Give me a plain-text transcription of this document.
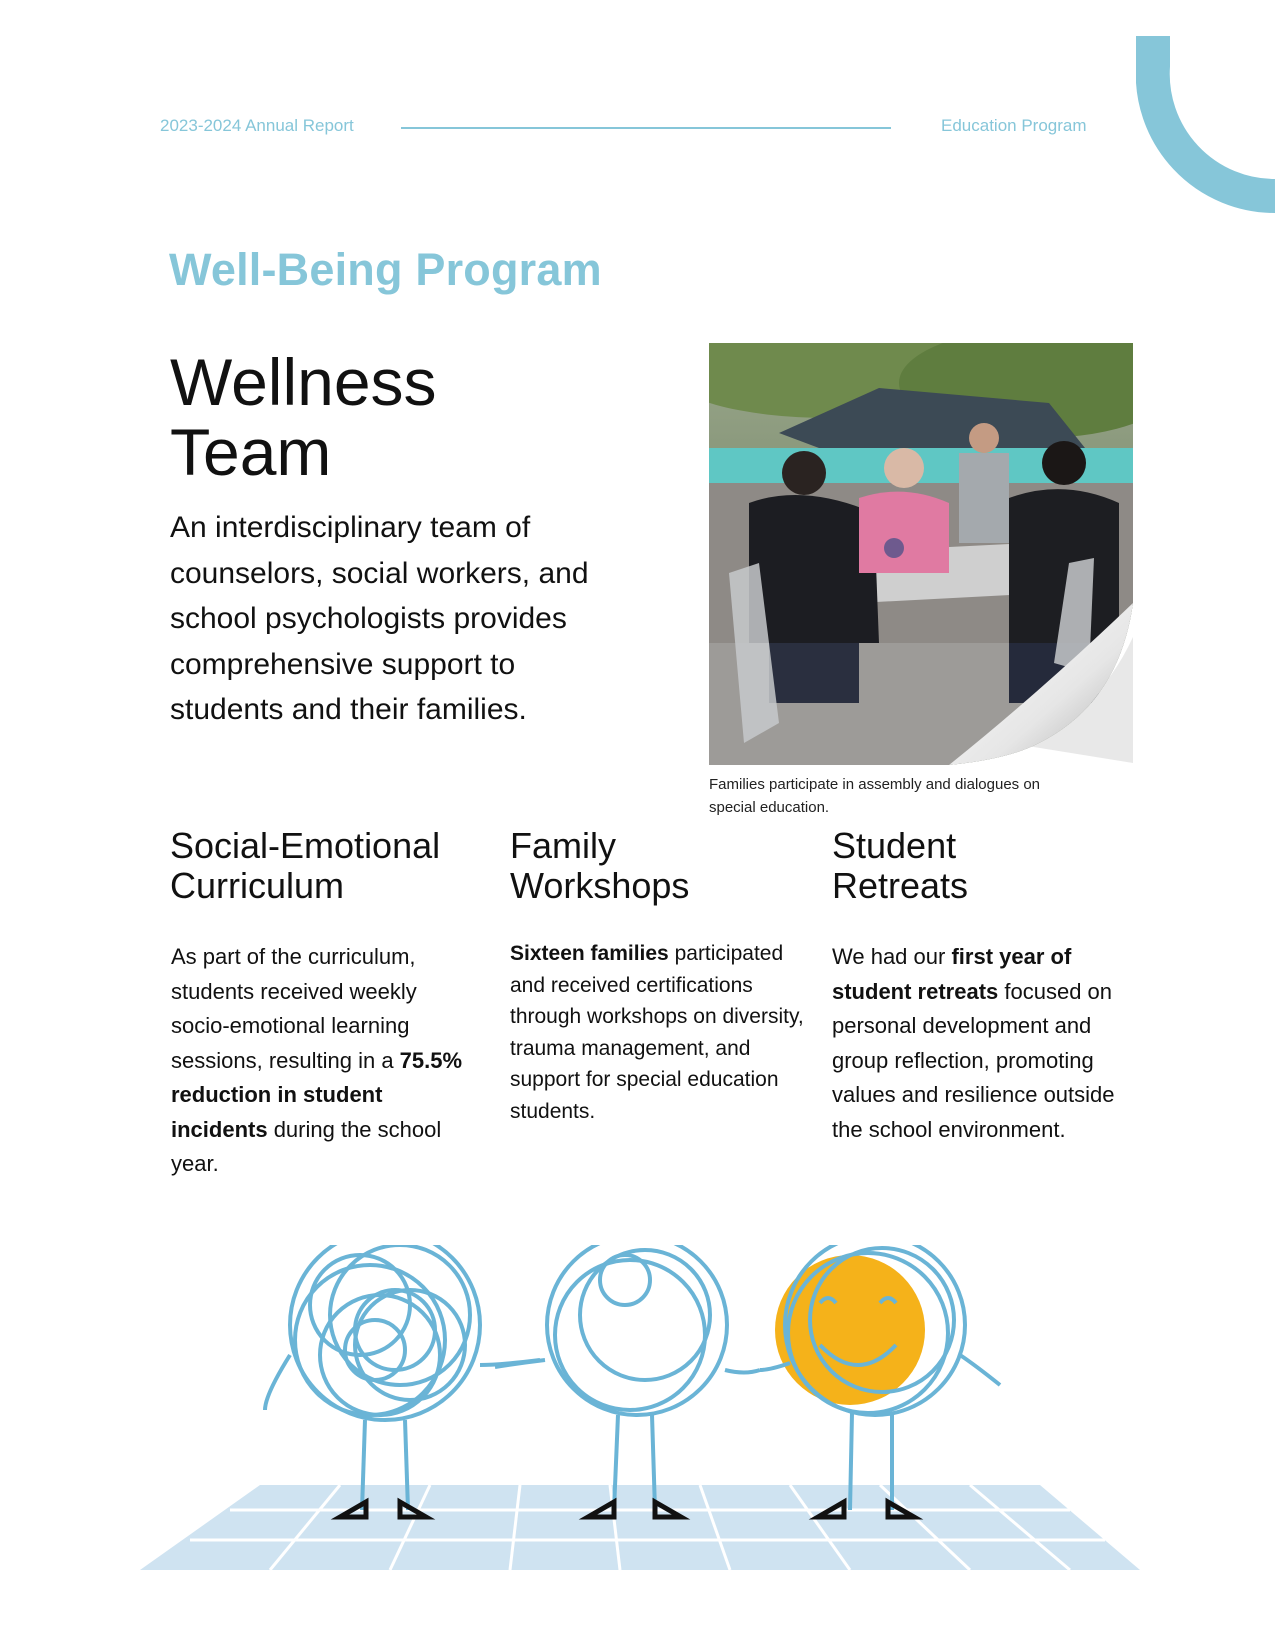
2023-2024 Annual Report	Education Program
Well-Being Program
Wellness
Team
An interdisciplinary team of counselors, social workers, and school psychologists provides comprehensive support to students and their families.
Families participate in assembly and dialogues on special education.
Social-Emotional
Curriculum
Family
Workshops
Student
Retreats
As part of the curriculum, students received weekly socio-emotional learning sessions, resulting in a 75.5% reduction in student incidents during the school year.
Sixteen families participated and received certifications through workshops on diversity, trauma management, and support for special education students.
We had our first year of student retreats focused on personal development and group reflection, promoting values and resilience outside the school environment.
